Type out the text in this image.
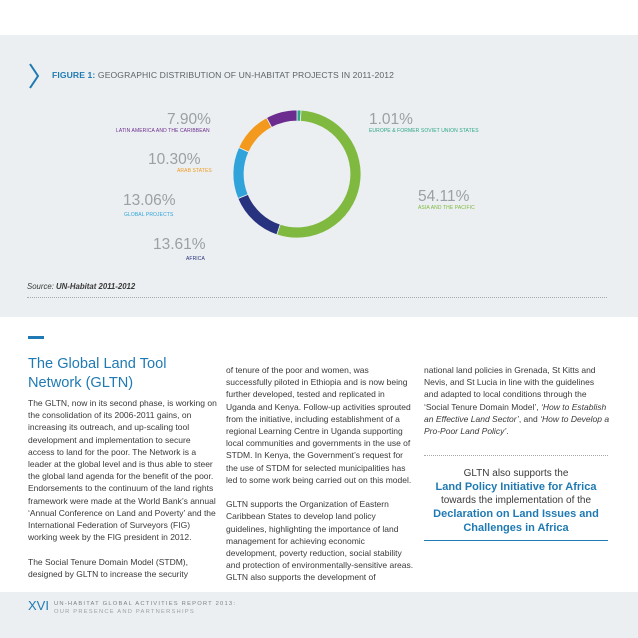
FIGURE 1: GEOGRAPHIC DISTRIBUTION OF UN-HABITAT PROJECTS IN 2011-2012
7.90%
LATIN AMERICA AND THE CARIBBEAN
10.30%
ARAB STATES
13.06%
GLOBAL PROJECTS
13.61%
AFRICA
1.01%
EUROPE & FORMER SOVIET UNION STATES
54.11%
ASIA AND THE PACIFIC
Source: UN-Habitat 2011-2012
The Global Land Tool Network (GLTN)

The GLTN, now in its second phase, is working on the consolidation of its 2006-2011 gains, on increasing its outreach, and up-scaling tool development and implementation to secure access to land for the poor. The Network is a leader at the global level and is thus able to steer the global land agenda for the benefit of the poor. Endorsements to the continuum of the land rights framework were made at the World Bank’s annual ‘Annual Conference on Land and Poverty’ and the International Federation of Surveyors (FIG) working week by the FIG president in 2012.

The Social Tenure Domain Model (STDM), designed by GLTN to increase the security

of tenure of the poor and women, was successfully piloted in Ethiopia and is now being further developed, tested and replicated in Uganda and Kenya. Follow-up activities sprouted from the initiative, including establishment of a regional Learning Centre in Uganda supporting local communities and governments in the use of STDM. In Kenya, the Government’s request for the use of STDM for selected municipalities has led to some work being carried out on this model.

GLTN supports the Organization of Eastern Caribbean States to develop land policy guidelines, highlighting the importance of land management for achieving economic development, poverty reduction, social stability and protection of environmentally-sensitive areas. GLTN also supports the development of

national land policies in Grenada, St Kitts and Nevis, and St Lucia in line with the guidelines and adapted to local conditions through the ‘Social Tenure Domain Model’, ‘How to Establish an Effective Land Sector’, and ‘How to Develop a Pro-Poor Land Policy’.

GLTN also supports the
Land Policy Initiative for Africa
towards the implementation of the
Declaration on Land Issues and Challenges in Africa
XVI UN-HABITAT GLOBAL ACTIVITIES REPORT 2013:
OUR PRESENCE AND PARTNERSHIPS
